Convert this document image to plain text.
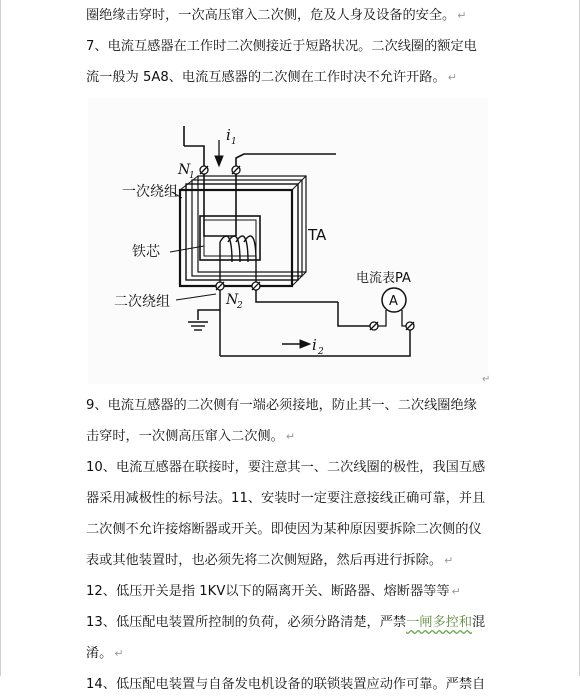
圈绝缘击穿时，一次高压窜入二次侧，危及人身及设备的安全。 ↵

7、电流互感器在工作时二次侧接近于短路状况。二次线圈的额定电

流一般为 5A8、电流互感器的二次侧在工作时决不允许开路。 ↵

一次绕组
铁芯
二次绕组
TA
电流表PA
A
N
1
i 1
N
2
i 2
↵

9、电流互感器的二次侧有一端必须接地，防止其一、二次线圈绝缘

击穿时，一次侧高压窜入二次侧。 ↵

10、电流互感器在联接时，要注意其一、二次线圈的极性，我国互感

器采用减极性的标号法。11、安装时一定要注意接线正确可靠，并且

二次侧不允许接熔断器或开关。即使因为某种原因要拆除二次侧的仪

表或其他装置时，也必须先将二次侧短路，然后再进行拆除。 ↵

12、低压开关是指 1KV以下的隔离开关、断路器、熔断器等等 ↵

13、低压配电装置所控制的负荷，必须分路清楚，严禁一闸多控和混

淆。 ↵

14、低压配电装置与自备发电机设备的联锁装置应动作可靠。严禁自
